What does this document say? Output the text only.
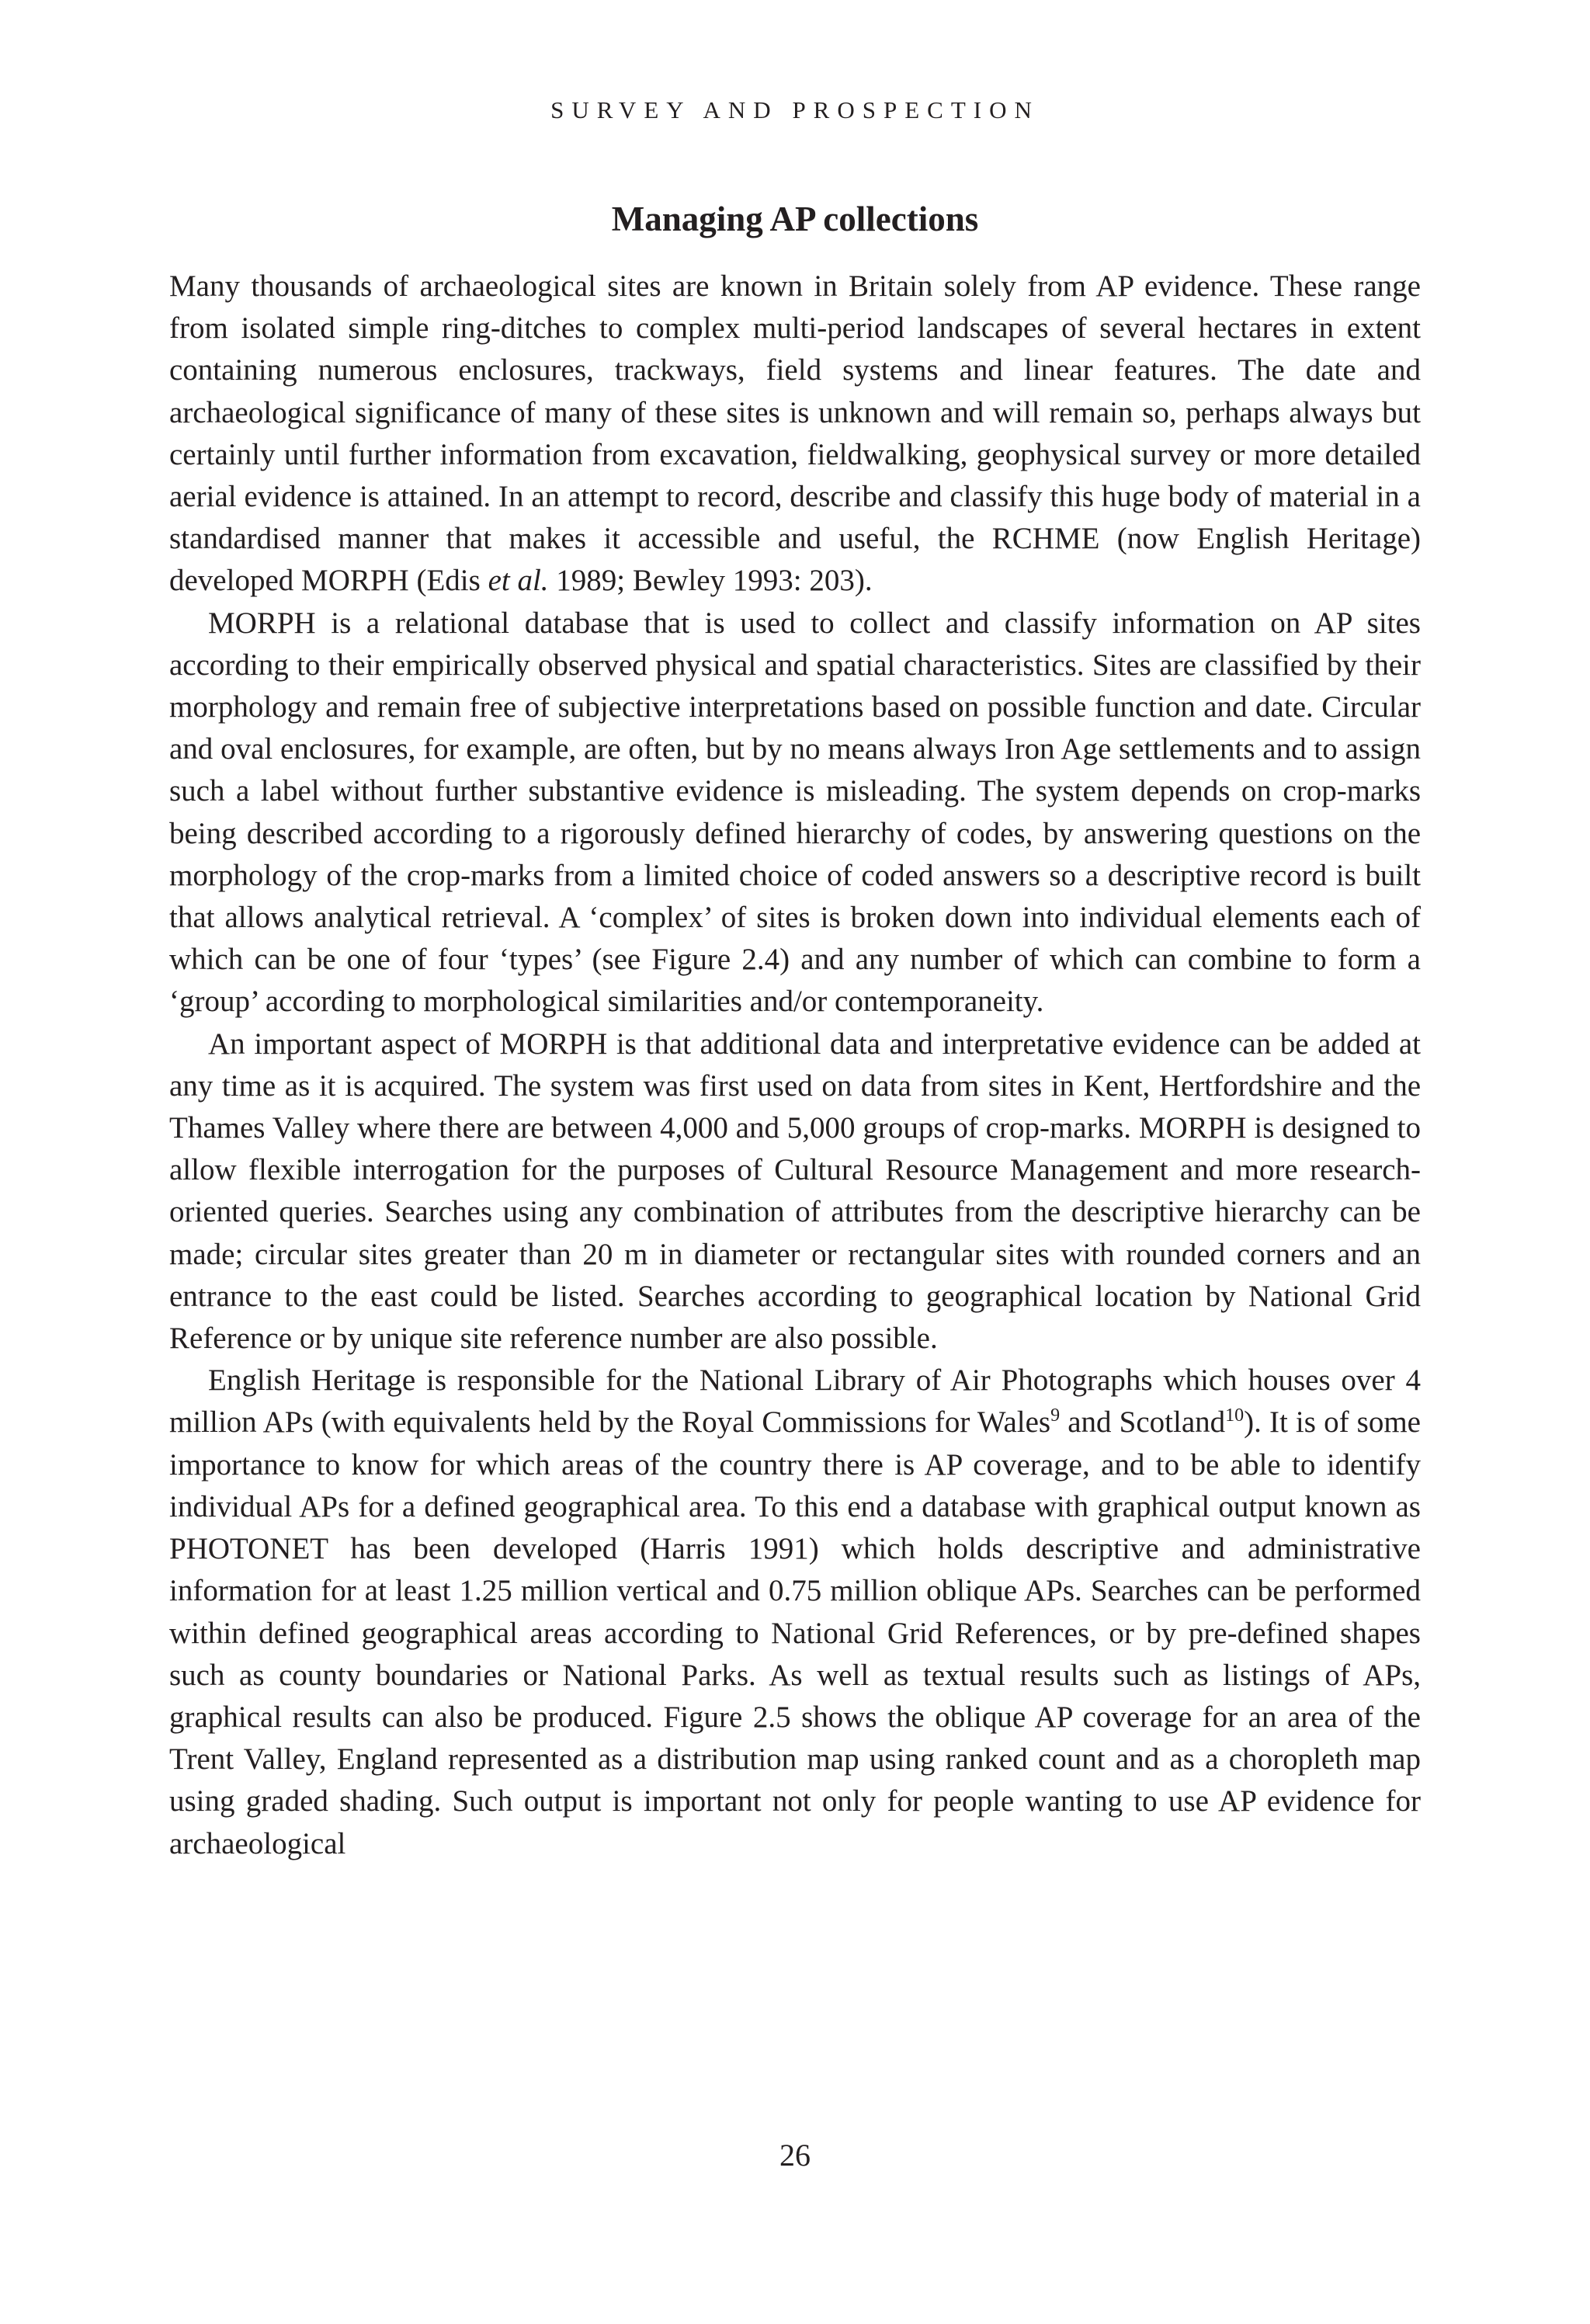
SURVEY AND PROSPECTION
Managing AP collections

Many thousands of archaeological sites are known in Britain solely from AP evidence. These range from isolated simple ring-ditches to complex multi-period landscapes of several hectares in extent containing numerous enclosures, trackways, field systems and linear features. The date and archaeological significance of many of these sites is unknown and will remain so, perhaps always but certainly until further information from excavation, fieldwalking, geophysical survey or more detailed aerial evidence is attained. In an attempt to record, describe and classify this huge body of material in a standardised manner that makes it accessible and useful, the RCHME (now English Heritage) developed MORPH (Edis et al. 1989; Bewley 1993: 203).

MORPH is a relational database that is used to collect and classify information on AP sites according to their empirically observed physical and spatial characteristics. Sites are classified by their morphology and remain free of subjective interpretations based on possible function and date. Circular and oval enclosures, for example, are often, but by no means always Iron Age settlements and to assign such a label without further substantive evidence is misleading. The system depends on crop-marks being described according to a rigorously defined hierarchy of codes, by answering questions on the morphology of the crop-marks from a limited choice of coded answers so a descriptive record is built that allows analytical retrieval. A ‘complex’ of sites is broken down into individual elements each of which can be one of four ‘types’ (see Figure 2.4) and any number of which can combine to form a ‘group’ according to morphological similarities and/or contemporaneity.

An important aspect of MORPH is that additional data and interpretative evidence can be added at any time as it is acquired. The system was first used on data from sites in Kent, Hertfordshire and the Thames Valley where there are between 4,000 and 5,000 groups of crop-marks. MORPH is designed to allow flexible interrogation for the purposes of Cultural Resource Management and more research-oriented queries. Searches using any combination of attributes from the descriptive hierarchy can be made; circular sites greater than 20 m in diameter or rectangular sites with rounded corners and an entrance to the east could be listed. Searches according to geographical location by National Grid Reference or by unique site reference number are also possible.

English Heritage is responsible for the National Library of Air Photographs which houses over 4 million APs (with equivalents held by the Royal Commissions for Wales$^9$ and Scotland$^{10}$). It is of some importance to know for which areas of the country there is AP coverage, and to be able to identify individual APs for a defined geographical area. To this end a database with graphical output known as PHOTONET has been developed (Harris 1991) which holds descriptive and administrative information for at least 1.25 million vertical and 0.75 million oblique APs. Searches can be performed within defined geographical areas according to National Grid References, or by pre-defined shapes such as county boundaries or National Parks. As well as textual results such as listings of APs, graphical results can also be produced. Figure 2.5 shows the oblique AP coverage for an area of the Trent Valley, England represented as a distribution map using ranked count and as a choropleth map using graded shading. Such output is important not only for people wanting to use AP evidence for archaeological

26
